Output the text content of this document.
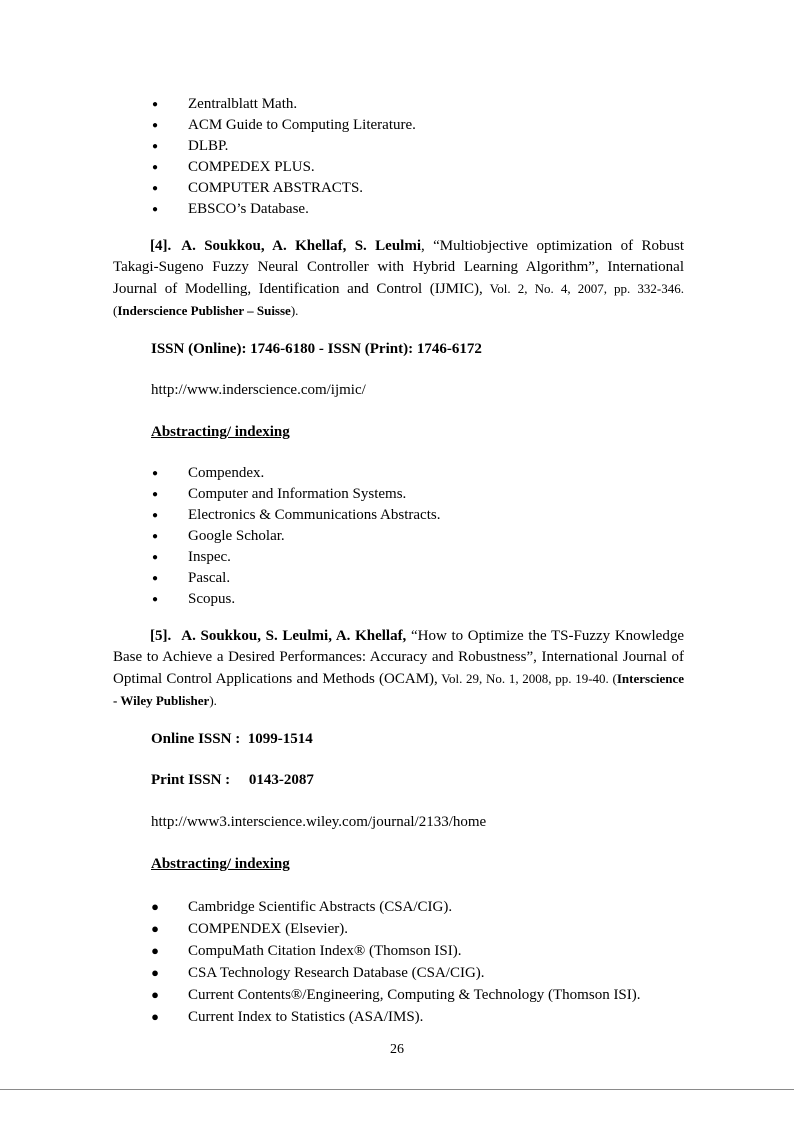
● Zentralblatt Math.
● ACM Guide to Computing Literature.
● DLBP.
● COMPEDEX PLUS.
● COMPUTER ABSTRACTS.
● EBSCO’s Database.
[4]. A. Soukkou, A. Khellaf, S. Leulmi, “Multiobjective optimization of Robust Takagi-Sugeno Fuzzy Neural Controller with Hybrid Learning Algorithm”, International Journal of Modelling, Identification and Control (IJMIC), Vol. 2, No. 4, 2007, pp. 332-346. (Inderscience Publisher – Suisse).
ISSN (Online): 1746-6180 - ISSN (Print): 1746-6172
http://www.inderscience.com/ijmic/
Abstracting/ indexing
● Compendex.
● Computer and Information Systems.
● Electronics & Communications Abstracts.
● Google Scholar.
● Inspec.
● Pascal.
● Scopus.
[5]. A. Soukkou, S. Leulmi, A. Khellaf, “How to Optimize the TS-Fuzzy Knowledge Base to Achieve a Desired Performances: Accuracy and Robustness”, International Journal of Optimal Control Applications and Methods (OCAM), Vol. 29, No. 1, 2008, pp. 19-40. (Interscience - Wiley Publisher).
Online ISSN :  1099-1514
Print ISSN :     0143-2087
http://www3.interscience.wiley.com/journal/2133/home
Abstracting/ indexing
● Cambridge Scientific Abstracts (CSA/CIG).
● COMPENDEX (Elsevier).
● CompuMath Citation Index® (Thomson ISI).
● CSA Technology Research Database (CSA/CIG).
● Current Contents®/Engineering, Computing & Technology (Thomson ISI).
● Current Index to Statistics (ASA/IMS).
26
